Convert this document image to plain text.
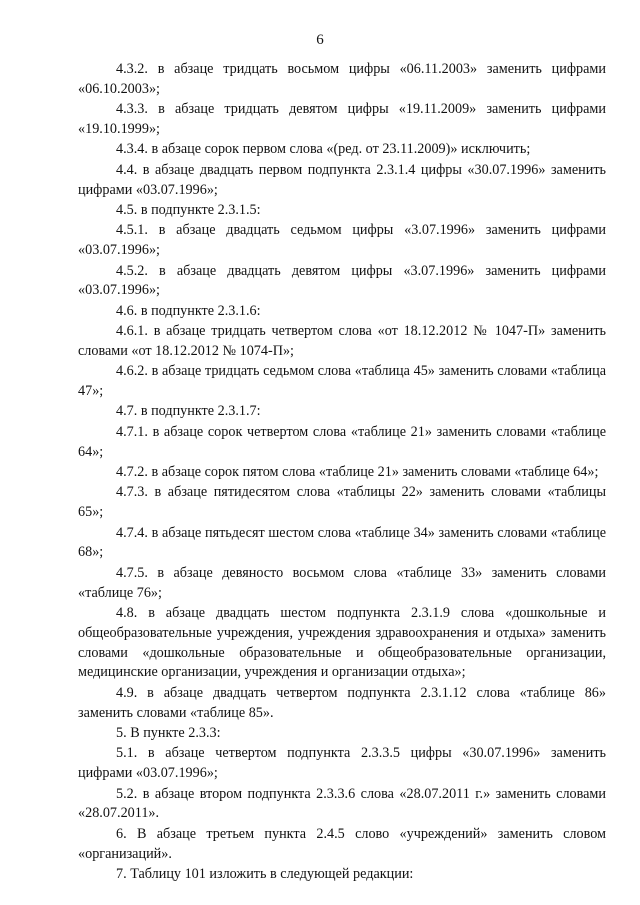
6

4.3.2. в абзаце тридцать восьмом цифры «06.11.2003» заменить цифрами «06.10.2003»;

4.3.3. в абзаце тридцать девятом цифры «19.11.2009» заменить цифрами «19.10.1999»;

4.3.4. в абзаце сорок первом слова «(ред. от 23.11.2009)» исключить;

4.4. в абзаце двадцать первом подпункта 2.3.1.4 цифры «30.07.1996» заменить цифрами «03.07.1996»;

4.5. в подпункте 2.3.1.5:

4.5.1. в абзаце двадцать седьмом цифры «3.07.1996» заменить цифрами «03.07.1996»;

4.5.2. в абзаце двадцать девятом цифры «3.07.1996» заменить цифрами «03.07.1996»;

4.6. в подпункте 2.3.1.6:

4.6.1. в абзаце тридцать четвертом слова «от 18.12.2012 № 1047-П» заменить словами «от 18.12.2012 № 1074-П»;

4.6.2. в абзаце тридцать седьмом слова «таблица 45» заменить словами «таблица 47»;

4.7. в подпункте 2.3.1.7:

4.7.1. в абзаце сорок четвертом слова «таблице 21» заменить словами «таблице 64»;

4.7.2. в абзаце сорок пятом слова «таблице 21» заменить словами «таблице 64»;

4.7.3. в абзаце пятидесятом слова «таблицы 22» заменить словами «таблицы 65»;

4.7.4. в абзаце пятьдесят шестом слова «таблице 34» заменить словами «таблице 68»;

4.7.5. в абзаце девяносто восьмом слова «таблице 33» заменить словами «таблице 76»;

4.8. в абзаце двадцать шестом подпункта 2.3.1.9 слова «дошкольные и общеобразовательные учреждения, учреждения здравоохранения и отдыха» заменить словами «дошкольные образовательные и общеобразовательные организации, медицинские организации, учреждения и организации отдыха»;

4.9. в абзаце двадцать четвертом подпункта 2.3.1.12 слова «таблице 86» заменить словами «таблице 85».

5. В пункте 2.3.3:

5.1. в абзаце четвертом подпункта 2.3.3.5 цифры «30.07.1996» заменить цифрами «03.07.1996»;

5.2. в абзаце втором подпункта 2.3.3.6 слова «28.07.2011 г.» заменить словами «28.07.2011».

6. В абзаце третьем пункта 2.4.5 слово «учреждений» заменить словом «организаций».

7. Таблицу 101 изложить в следующей редакции:
